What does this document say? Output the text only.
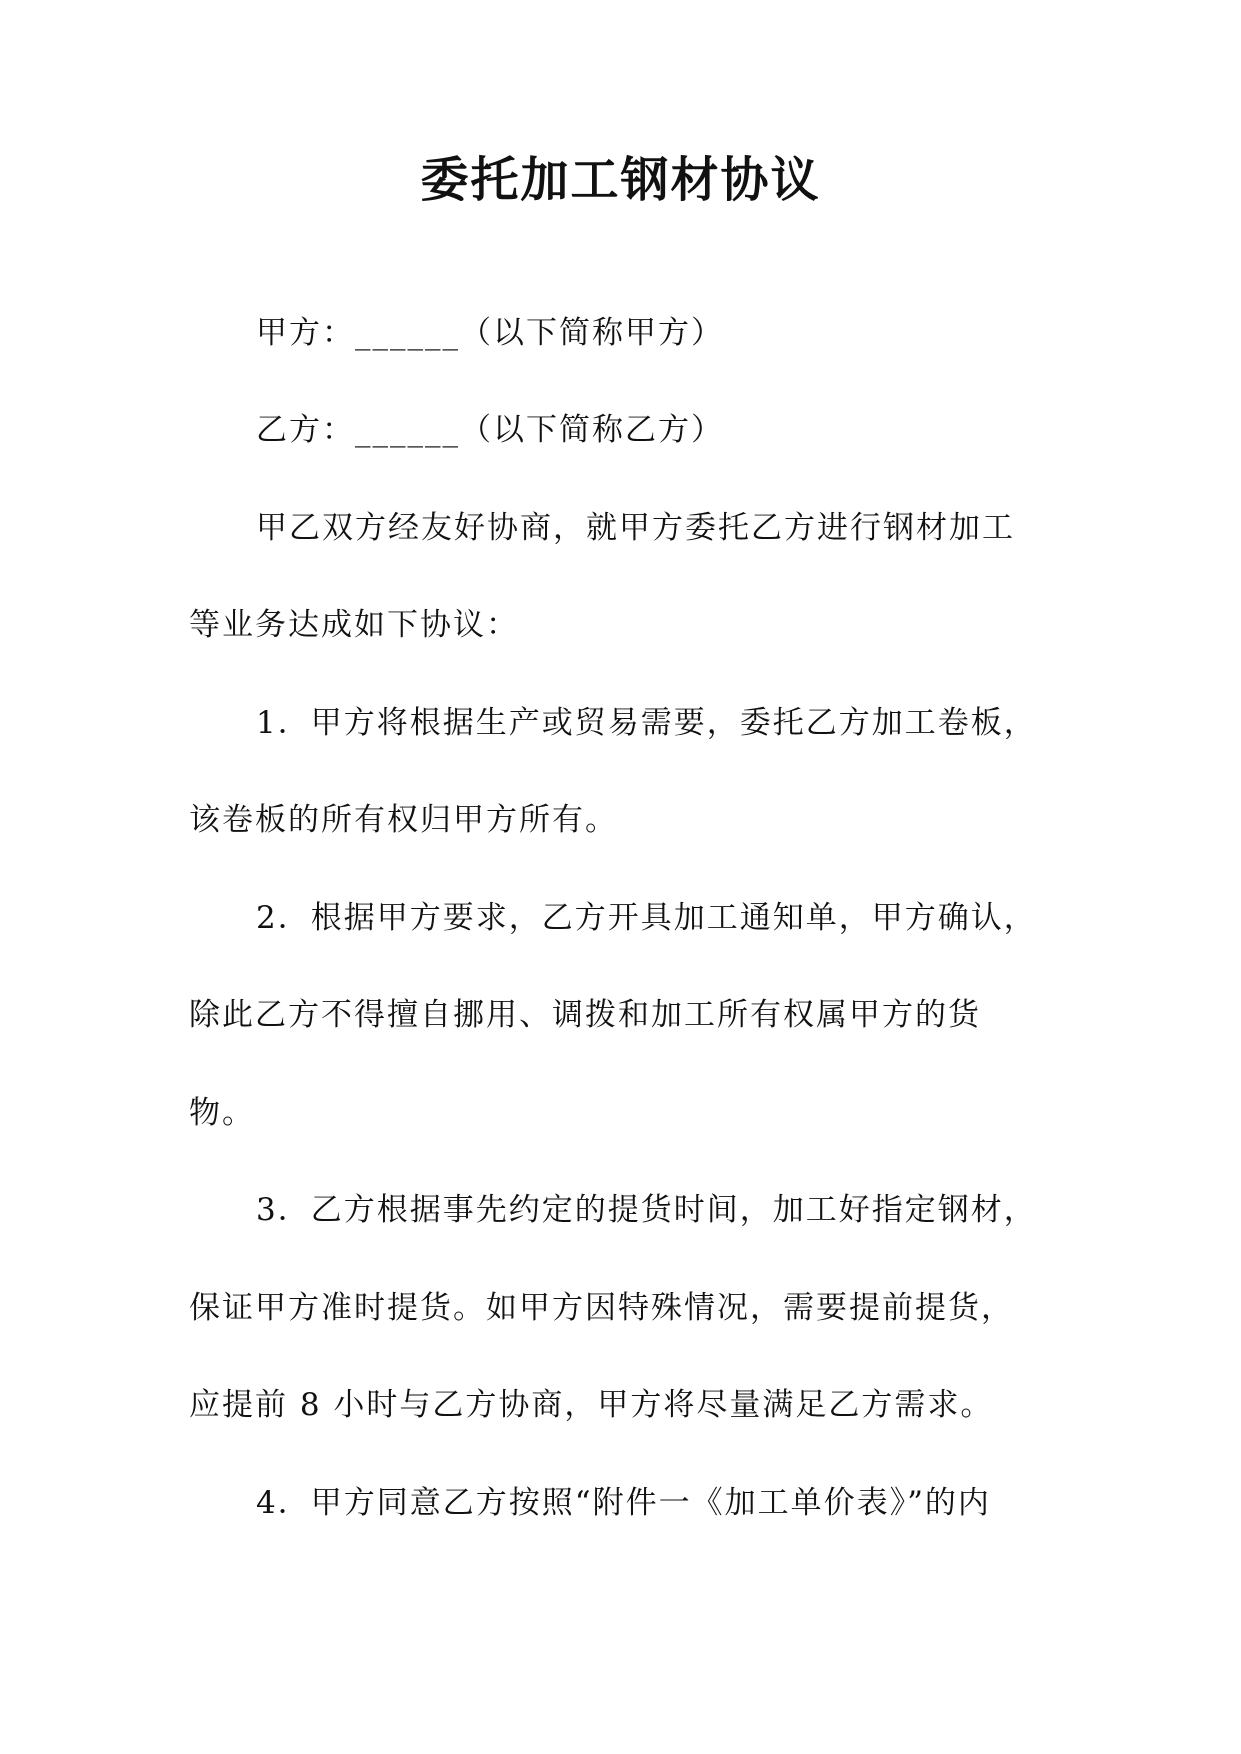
委托加工钢材协议
甲方：______（以下简称甲方）
乙方：______（以下简称乙方）
甲乙双方经友好协商，就甲方委托乙方进行钢材加工
等业务达成如下协议：
1．甲方将根据生产或贸易需要，委托乙方加工卷板，
该卷板的所有权归甲方所有。
2．根据甲方要求，乙方开具加工通知单，甲方确认，
除此乙方不得擅自挪用、调拨和加工所有权属甲方的货
物。
3．乙方根据事先约定的提货时间，加工好指定钢材，
保证甲方准时提货。如甲方因特殊情况，需要提前提货，
应提前 8 小时与乙方协商，甲方将尽量满足乙方需求。
4．甲方同意乙方按照“附件一《加工单价表》”的内
